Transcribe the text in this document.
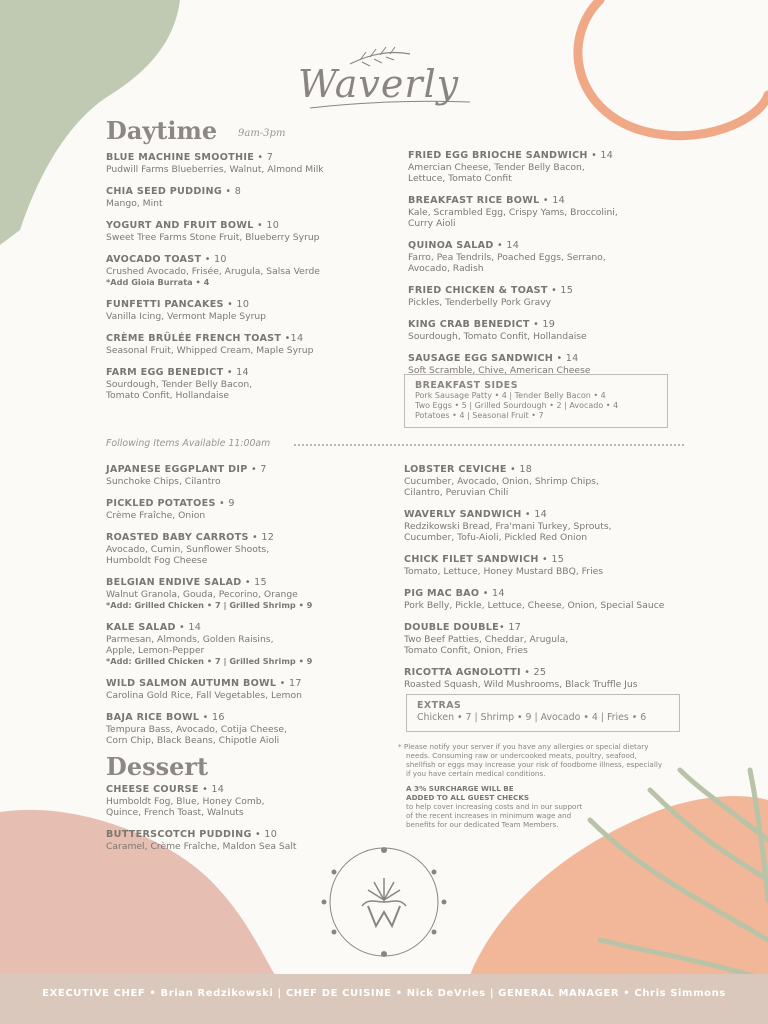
Waverly
Daytime 9am-3pm
BLUE MACHINE SMOOTHIE • 7
Pudwill Farms Blueberries, Walnut, Almond Milk
CHIA SEED PUDDING • 8
Mango, Mint
YOGURT AND FRUIT BOWL • 10
Sweet Tree Farms Stone Fruit, Blueberry Syrup
AVOCADO TOAST • 10
Crushed Avocado, Frisée, Arugula, Salsa Verde
*Add Gioia Burrata • 4
FUNFETTI PANCAKES • 10
Vanilla Icing, Vermont Maple Syrup
CRÈME BRÛLÉE FRENCH TOAST •14
Seasonal Fruit, Whipped Cream, Maple Syrup
FARM EGG BENEDICT • 14
Sourdough, Tender Belly Bacon,
Tomato Confit, Hollandaise
FRIED EGG BRIOCHE SANDWICH • 14
Amercian Cheese, Tender Belly Bacon,
Lettuce, Tomato Confit
BREAKFAST RICE BOWL • 14
Kale, Scrambled Egg, Crispy Yams, Broccolini,
Curry Aioli
QUINOA SALAD • 14
Farro, Pea Tendrils, Poached Eggs, Serrano,
Avocado, Radish
FRIED CHICKEN & TOAST • 15
Pickles, Tenderbelly Pork Gravy
KING CRAB BENEDICT • 19
Sourdough, Tomato Confit, Hollandaise
SAUSAGE EGG SANDWICH • 14
Soft Scramble, Chive, American Cheese
BREAKFAST SIDES
Pork Sausage Patty • 4 | Tender Belly Bacon • 4
Two Eggs • 5 | Grilled Sourdough • 2 | Avocado • 4
Potatoes • 4 | Seasonal Fruit • 7
Following Items Available 11:00am
JAPANESE EGGPLANT DIP • 7
Sunchoke Chips, Cilantro
PICKLED POTATOES • 9
Crème Fraîche, Onion
ROASTED BABY CARROTS • 12
Avocado, Cumin, Sunflower Shoots,
Humboldt Fog Cheese
BELGIAN ENDIVE SALAD • 15
Walnut Granola, Gouda, Pecorino, Orange
*Add: Grilled Chicken • 7 | Grilled Shrimp • 9
KALE SALAD • 14
Parmesan, Almonds, Golden Raisins,
Apple, Lemon-Pepper
*Add: Grilled Chicken • 7 | Grilled Shrimp • 9
WILD SALMON AUTUMN BOWL • 17
Carolina Gold Rice, Fall Vegetables, Lemon
BAJA RICE BOWL • 16
Tempura Bass, Avocado, Cotija Cheese,
Corn Chip, Black Beans, Chipotle Aioli
LOBSTER CEVICHE • 18
Cucumber, Avocado, Onion, Shrimp Chips,
Cilantro, Peruvian Chili
WAVERLY SANDWICH • 14
Redzikowski Bread, Fra'mani Turkey, Sprouts,
Cucumber, Tofu-Aioli, Pickled Red Onion
CHICK FILET SANDWICH • 15
Tomato, Lettuce, Honey Mustard BBQ, Fries
PIG MAC BAO • 14
Pork Belly, Pickle, Lettuce, Cheese, Onion, Special Sauce
DOUBLE DOUBLE• 17
Two Beef Patties, Cheddar, Arugula,
Tomato Confit, Onion, Fries
RICOTTA AGNOLOTTI • 25
Roasted Squash, Wild Mushrooms, Black Truffle Jus
EXTRAS
Chicken • 7 | Shrimp • 9 | Avocado • 4 | Fries • 6
* Please notify your server if you have any allergies or special dietary
needs. Consuming raw or undercooked meats, poultry, seafood,
shellfish or eggs may increase your risk of foodborne illness, especially
if you have certain medical conditions.
A 3% SURCHARGE WILL BE
ADDED TO ALL GUEST CHECKS
to help cover increasing costs and in our support
of the recent increases in minimum wage and
benefits for our dedicated Team Members.
Dessert
CHEESE COURSE • 14
Humboldt Fog, Blue, Honey Comb,
Quince, French Toast, Walnuts
BUTTERSCOTCH PUDDING • 10
Caramel, Crème Fraîche, Maldon Sea Salt
EXECUTIVE CHEF • Brian Redzikowski | CHEF DE CUISINE • Nick DeVries | GENERAL MANAGER • Chris Simmons
